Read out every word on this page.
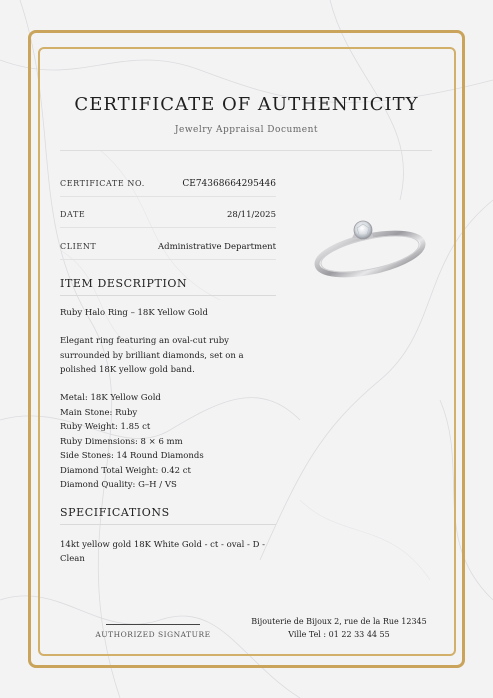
CERTIFICATE OF AUTHENTICITY
Jewelry Appraisal Document
CERTIFICATE NO.	CE74368664295446
DATE	28/11/2025
CLIENT	Administrative Department
ITEM DESCRIPTION
Ruby Halo Ring – 18K Yellow Gold
Elegant ring featuring an oval-cut ruby surrounded by brilliant diamonds, set on a polished 18K yellow gold band.
Metal: 18K Yellow Gold
Main Stone: Ruby
Ruby Weight: 1.85 ct
Ruby Dimensions: 8 × 6 mm
Side Stones: 14 Round Diamonds
Diamond Total Weight: 0.42 ct
Diamond Quality: G–H / VS
SPECIFICATIONS
14kt yellow gold 18K White Gold - ct - oval - D - Clean
AUTHORIZED SIGNATURE
Bijouterie de Bijoux 2, rue de la Rue 12345
Ville Tel : 01 22 33 44 55
